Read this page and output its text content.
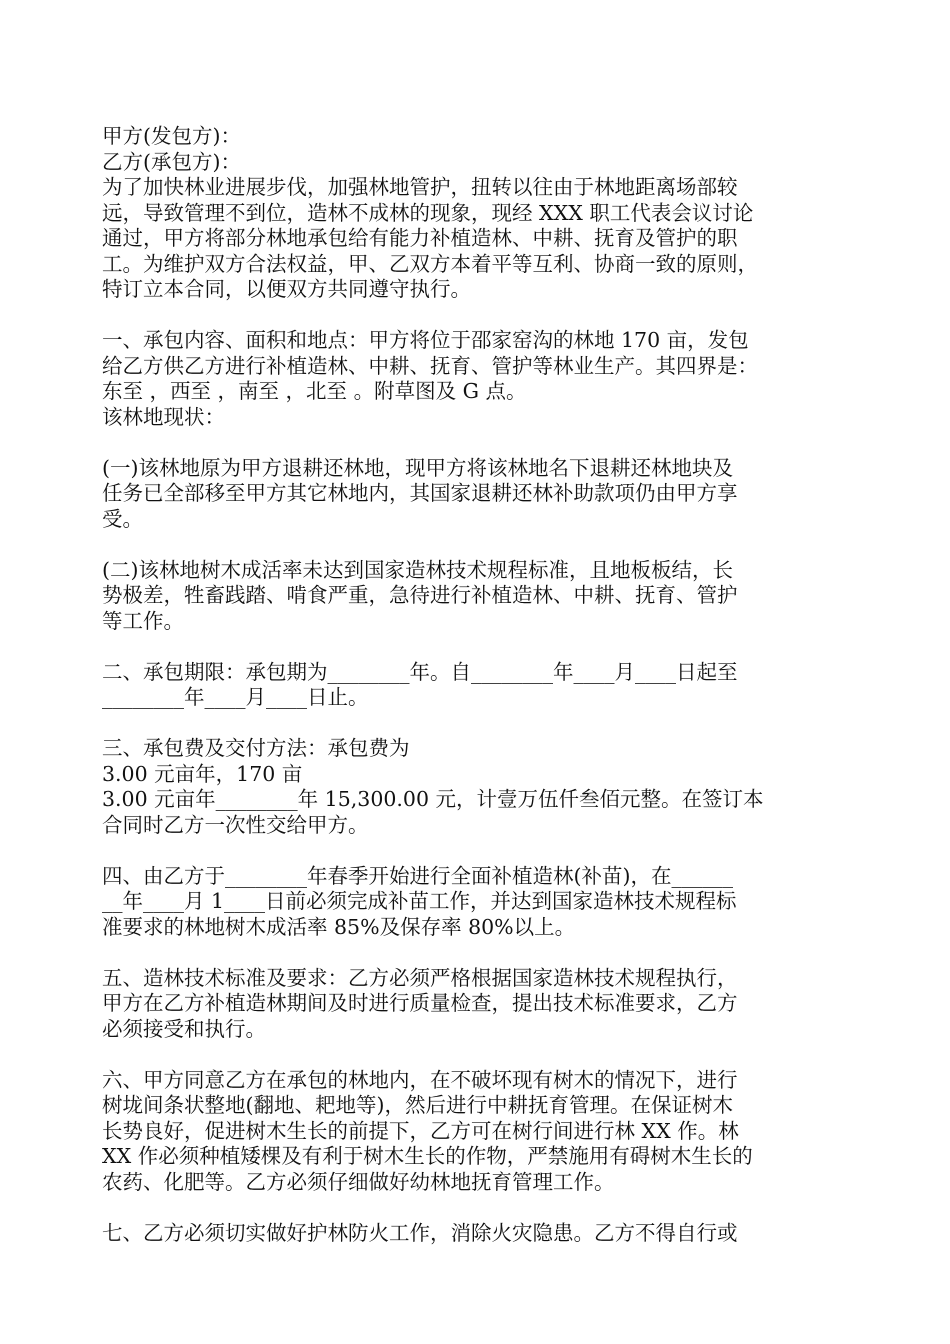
甲方(发包方)：
乙方(承包方)：
为了加快林业进展步伐，加强林地管护，扭转以往由于林地距离场部较
远，导致管理不到位，造林不成林的现象，现经 XXX 职工代表会议讨论
通过，甲方将部分林地承包给有能力补植造林、中耕、抚育及管护的职
工。为维护双方合法权益，甲、乙双方本着平等互利、协商一致的原则，
特订立本合同，以便双方共同遵守执行。
一、承包内容、面积和地点：甲方将位于邵家窑沟的林地 170 亩，发包
给乙方供乙方进行补植造林、中耕、抚育、管护等林业生产。其四界是：
东至 ，西至 ，南至 ，北至 。附草图及 G 点。
该林地现状：
(一)该林地原为甲方退耕还林地，现甲方将该林地名下退耕还林地块及
任务已全部移至甲方其它林地内，其国家退耕还林补助款项仍由甲方享
受。
(二)该林地树木成活率未达到国家造林技术规程标准，且地板板结，长
势极差，牲畜践踏、啃食严重，急待进行补植造林、中耕、抚育、管护
等工作。
二、承包期限：承包期为________年。自________年____月____日起至
________年____月____日止。
三、承包费及交付方法：承包费为
3.00 元亩年，170 亩
3.00 元亩年________年 15,300.00 元，计壹万伍仟叁佰元整。在签订本
合同时乙方一次性交给甲方。
四、由乙方于________年春季开始进行全面补植造林(补苗)，在______
__年____月 1____日前必须完成补苗工作，并达到国家造林技术规程标
准要求的林地树木成活率 85%及保存率 80%以上。
五、造林技术标准及要求：乙方必须严格根据国家造林技术规程执行，
甲方在乙方补植造林期间及时进行质量检查，提出技术标准要求，乙方
必须接受和执行。
六、甲方同意乙方在承包的林地内，在不破坏现有树木的情况下，进行
树垅间条状整地(翻地、耙地等)，然后进行中耕抚育管理。在保证树木
长势良好，促进树木生长的前提下，乙方可在树行间进行林 XX 作。林
XX 作必须种植矮棵及有利于树木生长的作物，严禁施用有碍树木生长的
农药、化肥等。乙方必须仔细做好幼林地抚育管理工作。
七、乙方必须切实做好护林防火工作，消除火灾隐患。乙方不得自行或
